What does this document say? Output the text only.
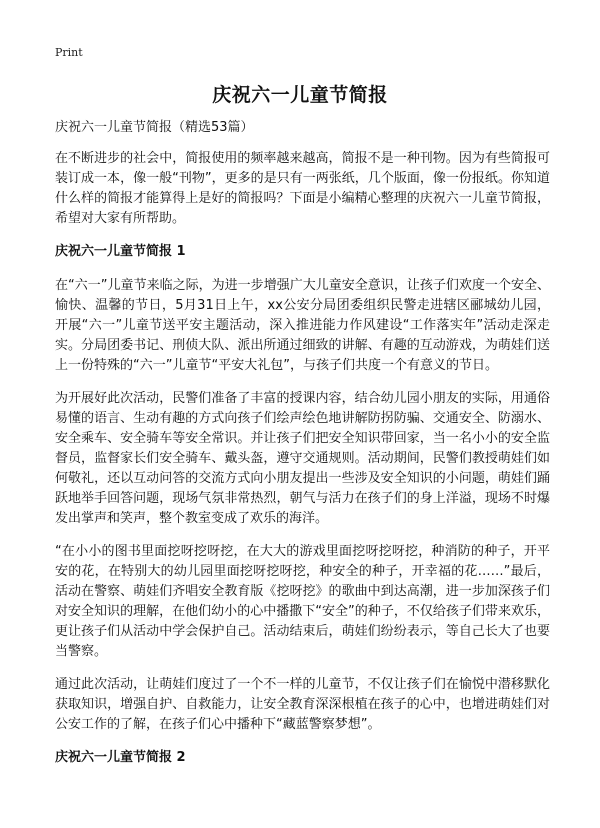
Print

庆祝六一儿童节简报

庆祝六一儿童节简报（精选53篇）

在不断进步的社会中，简报使用的频率越来越高，简报不是一种刊物。因为有些简报可装订成一本，像一般“刊物”，更多的是只有一两张纸，几个版面，像一份报纸。你知道什么样的简报才能算得上是好的简报吗？下面是小编精心整理的庆祝六一儿童节简报，希望对大家有所帮助。

庆祝六一儿童节简报 1

在“六一”儿童节来临之际，为进一步增强广大儿童安全意识，让孩子们欢度一个安全、愉快、温馨的节日，5月31日上午，xx公安分局团委组织民警走进辖区郦城幼儿园，开展“六一”儿童节送平安主题活动，深入推进能力作风建设“工作落实年”活动走深走实。分局团委书记、刑侦大队、派出所通过细致的讲解、有趣的互动游戏，为萌娃们送上一份特殊的“六一”儿童节“平安大礼包”，与孩子们共度一个有意义的节日。

为开展好此次活动，民警们准备了丰富的授课内容，结合幼儿园小朋友的实际，用通俗易懂的语言、生动有趣的方式向孩子们绘声绘色地讲解防拐防骗、交通安全、防溺水、安全乘车、安全骑车等安全常识。并让孩子们把安全知识带回家，当一名小小的安全监督员，监督家长们安全骑车、戴头盔，遵守交通规则。活动期间，民警们教授萌娃们如何敬礼，还以互动问答的交流方式向小朋友提出一些涉及安全知识的小问题，萌娃们踊跃地举手回答问题，现场气氛非常热烈，朝气与活力在孩子们的身上洋溢，现场不时爆发出掌声和笑声，整个教室变成了欢乐的海洋。

“在小小的图书里面挖呀挖呀挖，在大大的游戏里面挖呀挖呀挖，种消防的种子，开平安的花，在特别大的幼儿园里面挖呀挖呀挖，种安全的种子，开幸福的花……”最后，活动在警察、萌娃们齐唱安全教育版《挖呀挖》的歌曲中到达高潮，进一步加深孩子们对安全知识的理解，在他们幼小的心中播撒下“安全”的种子，不仅给孩子们带来欢乐，更让孩子们从活动中学会保护自己。活动结束后，萌娃们纷纷表示，等自己长大了也要当警察。

通过此次活动，让萌娃们度过了一个不一样的儿童节，不仅让孩子们在愉悦中潜移默化获取知识，增强自护、自救能力，让安全教育深深根植在孩子的心中，也增进萌娃们对公安工作的了解，在孩子们心中播种下“藏蓝警察梦想”。

庆祝六一儿童节简报 2
